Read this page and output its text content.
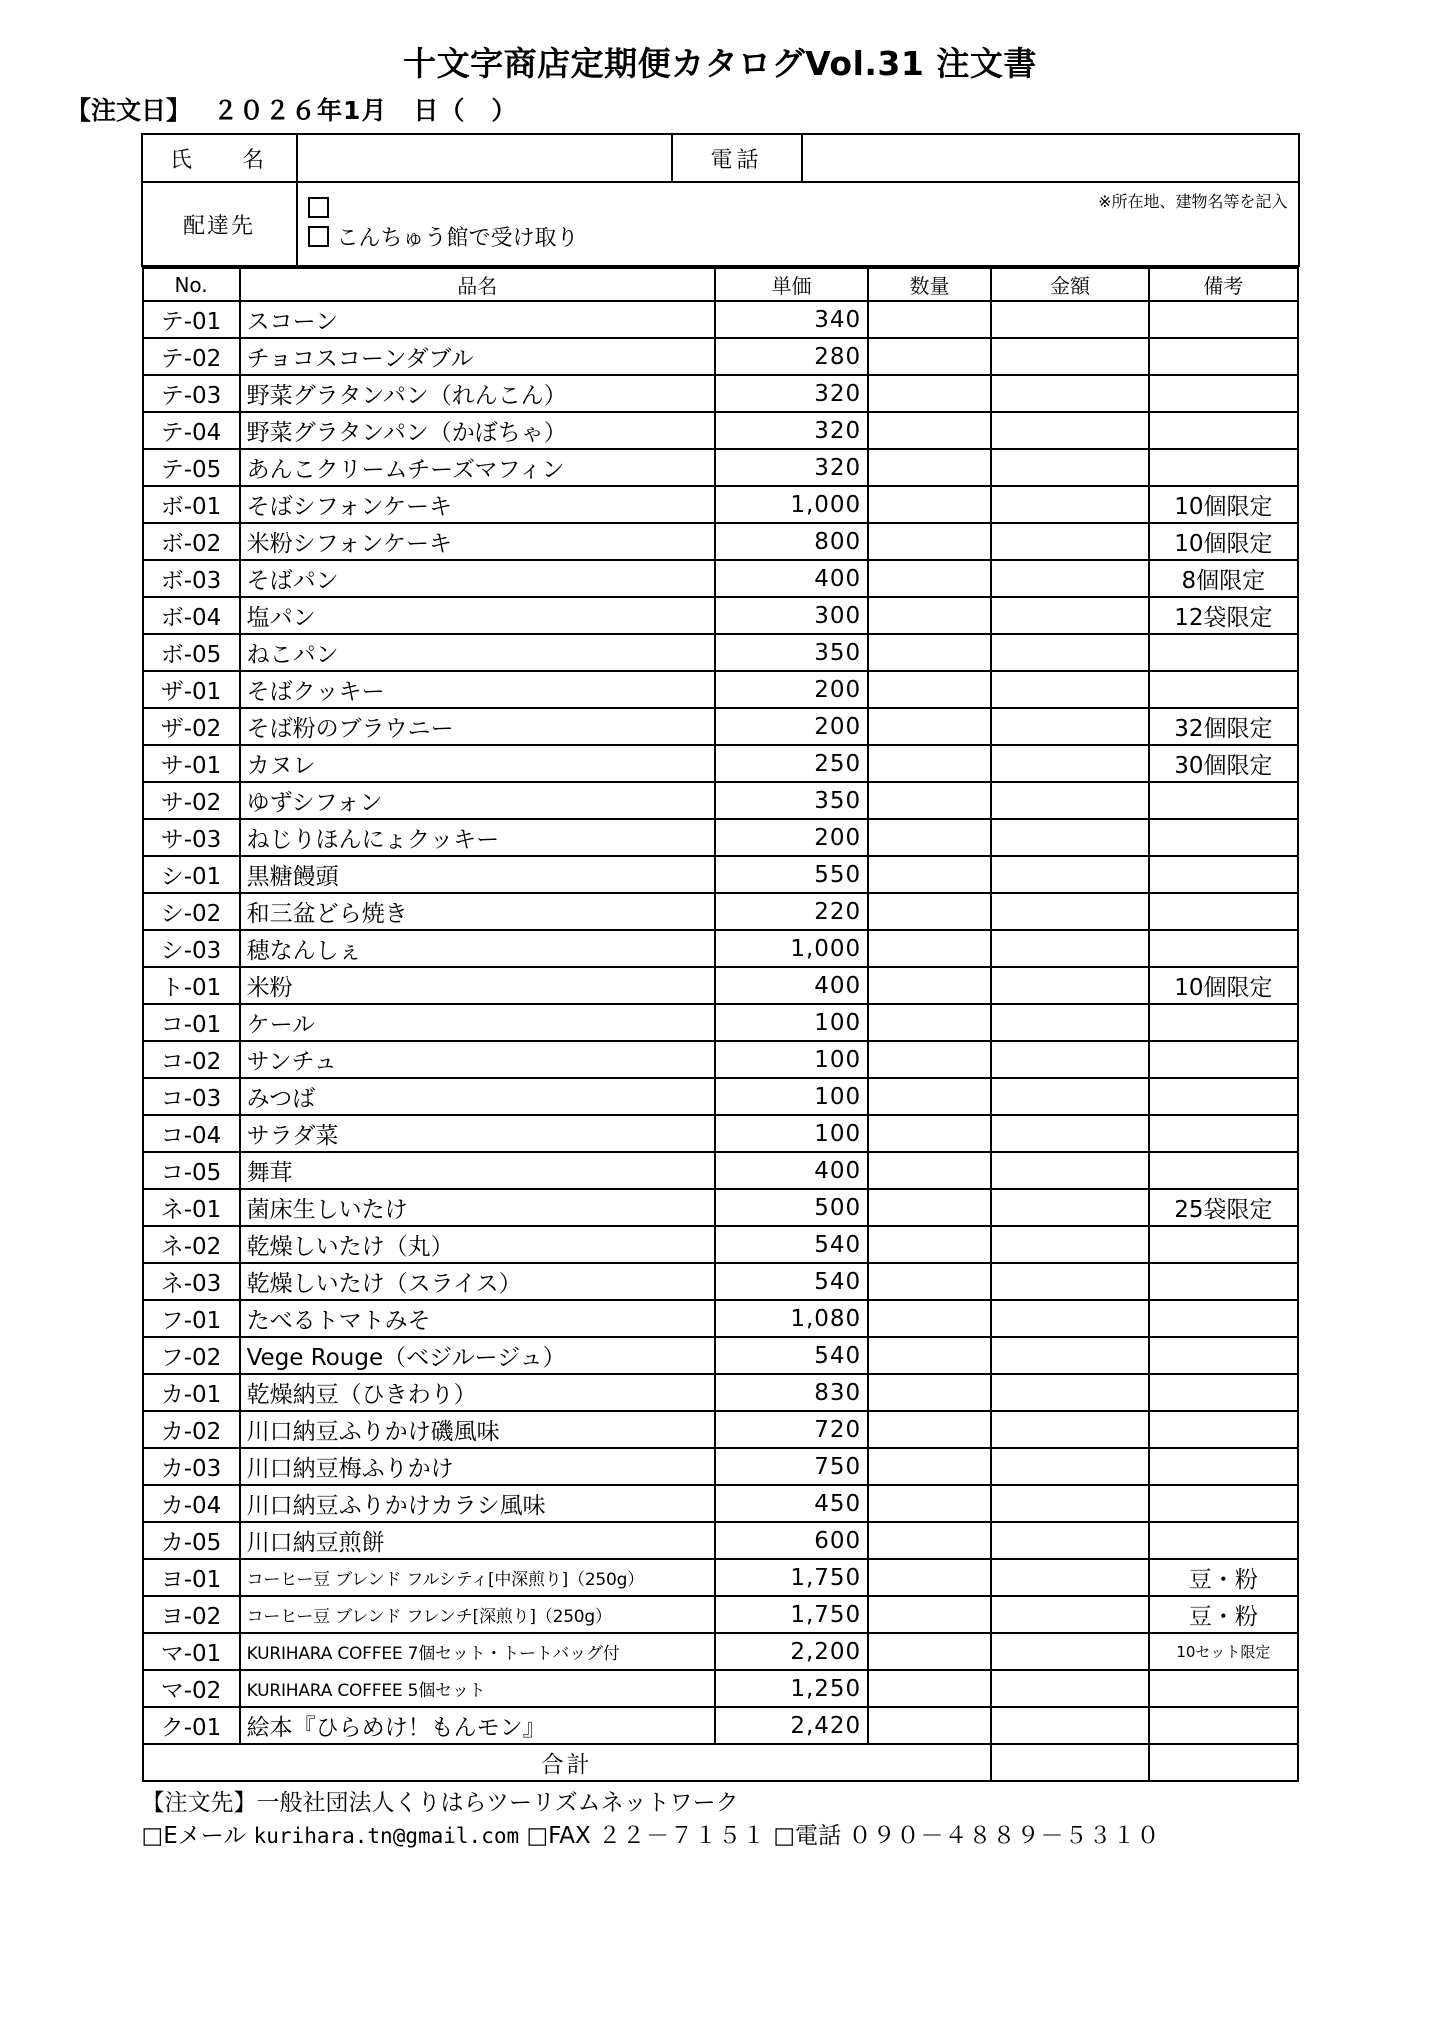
十文字商店定期便カタログVol.31 注文書
【注文日】 ２０２６年1月　日（　）
氏　名		電話	
配達先	※所在地、建物名等を記入
こんちゅう館で受け取り		
No.	品名	単価	数量	金額	備考
テ-01	スコーン	340			
テ-02	チョコスコーンダブル	280			
テ-03	野菜グラタンパン（れんこん）	320			
テ-04	野菜グラタンパン（かぼちゃ）	320			
テ-05	あんこクリームチーズマフィン	320			
ボ-01	そばシフォンケーキ	1,000			10個限定
ボ-02	米粉シフォンケーキ	800			10個限定
ボ-03	そばパン	400			8個限定
ボ-04	塩パン	300			12袋限定
ボ-05	ねこパン	350			
ザ-01	そばクッキー	200			
ザ-02	そば粉のブラウニー	200			32個限定
サ-01	カヌレ	250			30個限定
サ-02	ゆずシフォン	350			
サ-03	ねじりほんにょクッキー	200			
シ-01	黒糖饅頭	550			
シ-02	和三盆どら焼き	220			
シ-03	穂なんしぇ	1,000			
ト-01	米粉	400			10個限定
コ-01	ケール	100			
コ-02	サンチュ	100			
コ-03	みつば	100			
コ-04	サラダ菜	100			
コ-05	舞茸	400			
ネ-01	菌床生しいたけ	500			25袋限定
ネ-02	乾燥しいたけ（丸）	540			
ネ-03	乾燥しいたけ（スライス）	540			
フ-01	たべるトマトみそ	1,080			
フ-02	Vege Rouge（ベジルージュ）	540			
カ-01	乾燥納豆（ひきわり）	830			
カ-02	川口納豆ふりかけ磯風味	720			
カ-03	川口納豆梅ふりかけ	750			
カ-04	川口納豆ふりかけカラシ風味	450			
カ-05	川口納豆煎餅	600			
ヨ-01	コーヒー豆 ブレンド フルシティ[中深煎り]（250g）	1,750			豆・粉
ヨ-02	コーヒー豆 ブレンド フレンチ[深煎り]（250g）	1,750			豆・粉
マ-01	KURIHARA COFFEE 7個セット・トートバッグ付	2,200			10セット限定
マ-02	KURIHARA COFFEE 5個セット	1,250			
ク-01	絵本『ひらめけ！もんモン』	2,420			
合計					
【注文先】一般社団法人くりはらツーリズムネットワーク
□Eメール kurihara.tn@gmail.com □FAX ２２－７１５１ □電話 ０９０－４８８９－５３１０
